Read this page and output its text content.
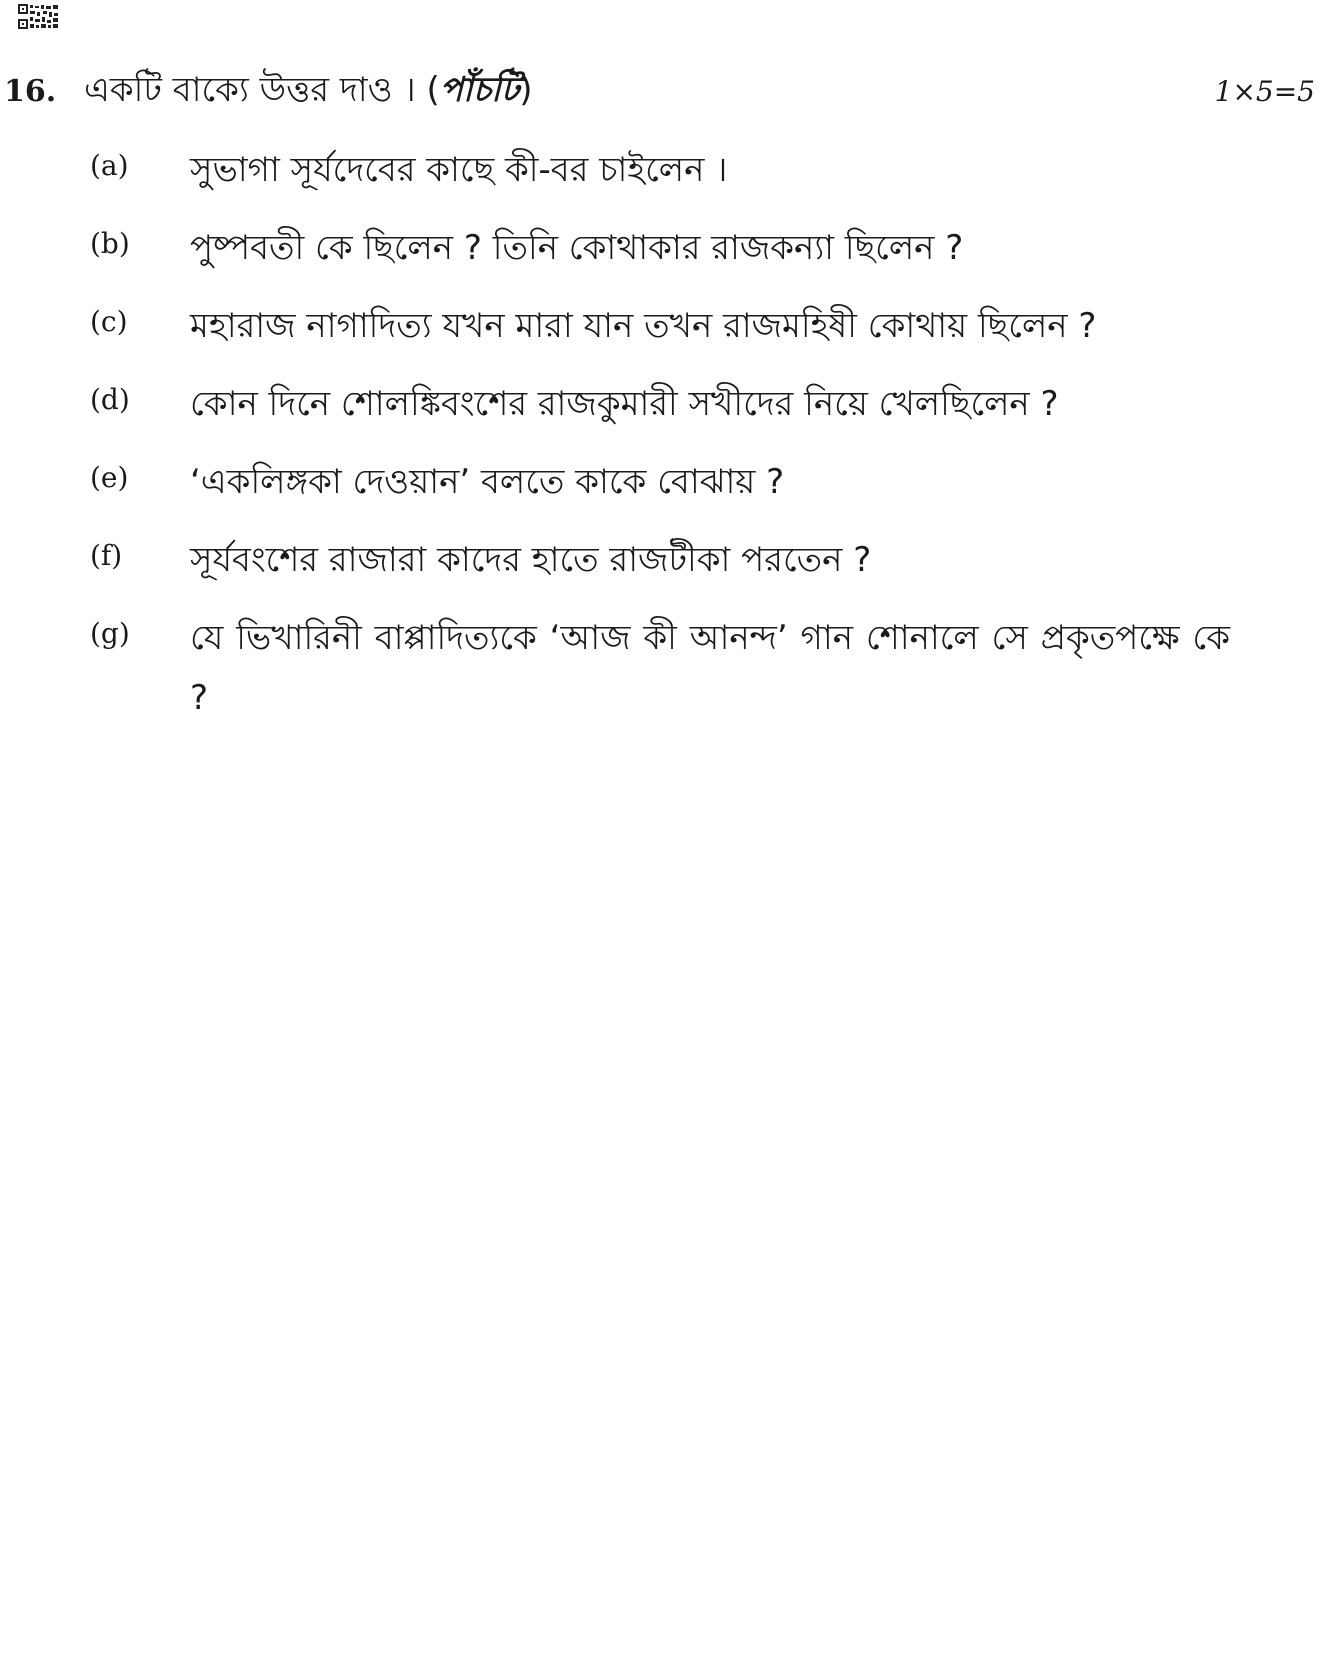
16. একটি বাক্যে উত্তর দাও । (পাঁচটি)	1×5=5
(a) সুভাগা সূর্যদেবের কাছে কী-বর চাইলেন ।
(b) পুষ্পবতী কে ছিলেন ? তিনি কোথাকার রাজকন্যা ছিলেন ?
(c) মহারাজ নাগাদিত্য যখন মারা যান তখন রাজমহিষী কোথায় ছিলেন ?
(d) কোন দিনে শোলঙ্কিবংশের রাজকুমারী সখীদের নিয়ে খেলছিলেন ?
(e) ‘একলিঙ্গকা দেওয়ান’ বলতে কাকে বোঝায় ?
(f) সূর্যবংশের রাজারা কাদের হাতে রাজটীকা পরতেন ?
(g) যে ভিখারিনী বাপ্পাদিত্যকে ‘আজ কী আনন্দ’ গান শোনালে সে প্রকৃতপক্ষে কে ?
